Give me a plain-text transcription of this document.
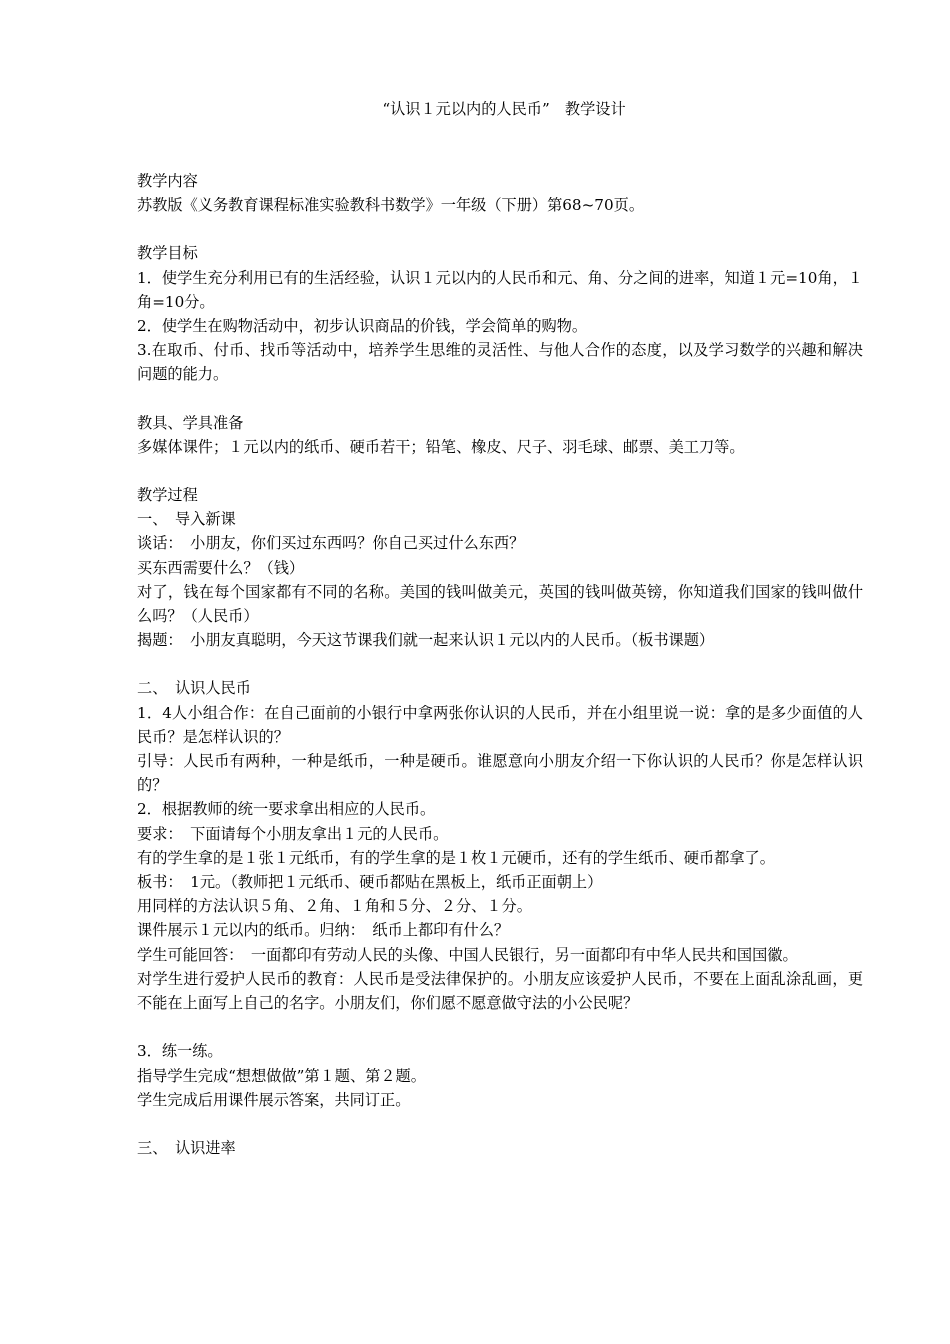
“认识１元以内的人民币”　教学设计

教学内容

苏教版《义务教育课程标准实验教科书数学》一年级（下册）第68~70页。

教学目标

1．使学生充分利用已有的生活经验，认识１元以内的人民币和元、角、分之间的进率，知道１元=10角，１角=10分。

2．使学生在购物活动中，初步认识商品的价钱，学会简单的购物。

3.在取币、付币、找币等活动中，培养学生思维的灵活性、与他人合作的态度，以及学习数学的兴趣和解决问题的能力。

教具、学具准备

多媒体课件；１元以内的纸币、硬币若干；铅笔、橡皮、尺子、羽毛球、邮票、美工刀等。

教学过程

一、　导入新课

谈话：　小朋友，你们买过东西吗？你自己买过什么东西？

买东西需要什么？（钱）

对了，钱在每个国家都有不同的名称。美国的钱叫做美元，英国的钱叫做英镑，你知道我们国家的钱叫做什么吗？（人民币）

揭题：　小朋友真聪明，今天这节课我们就一起来认识１元以内的人民币。（板书课题）

二、　认识人民币

1．4人小组合作：在自己面前的小银行中拿两张你认识的人民币，并在小组里说一说：拿的是多少面值的人民币？是怎样认识的？

引导：人民币有两种，一种是纸币，一种是硬币。谁愿意向小朋友介绍一下你认识的人民币？你是怎样认识的？

2．根据教师的统一要求拿出相应的人民币。

要求：　下面请每个小朋友拿出１元的人民币。

有的学生拿的是１张１元纸币，有的学生拿的是１枚１元硬币，还有的学生纸币、硬币都拿了。

板书：　1元。（教师把１元纸币、硬币都贴在黑板上，纸币正面朝上）

用同样的方法认识５角、２角、１角和５分、２分、１分。

课件展示１元以内的纸币。归纳：　纸币上都印有什么？

学生可能回答：　一面都印有劳动人民的头像、中国人民银行，另一面都印有中华人民共和国国徽。

对学生进行爱护人民币的教育：人民币是受法律保护的。小朋友应该爱护人民币，不要在上面乱涂乱画，更不能在上面写上自己的名字。小朋友们，你们愿不愿意做守法的小公民呢？

3．练一练。

指导学生完成“想想做做”第１题、第２题。

学生完成后用课件展示答案，共同订正。

三、　认识进率
